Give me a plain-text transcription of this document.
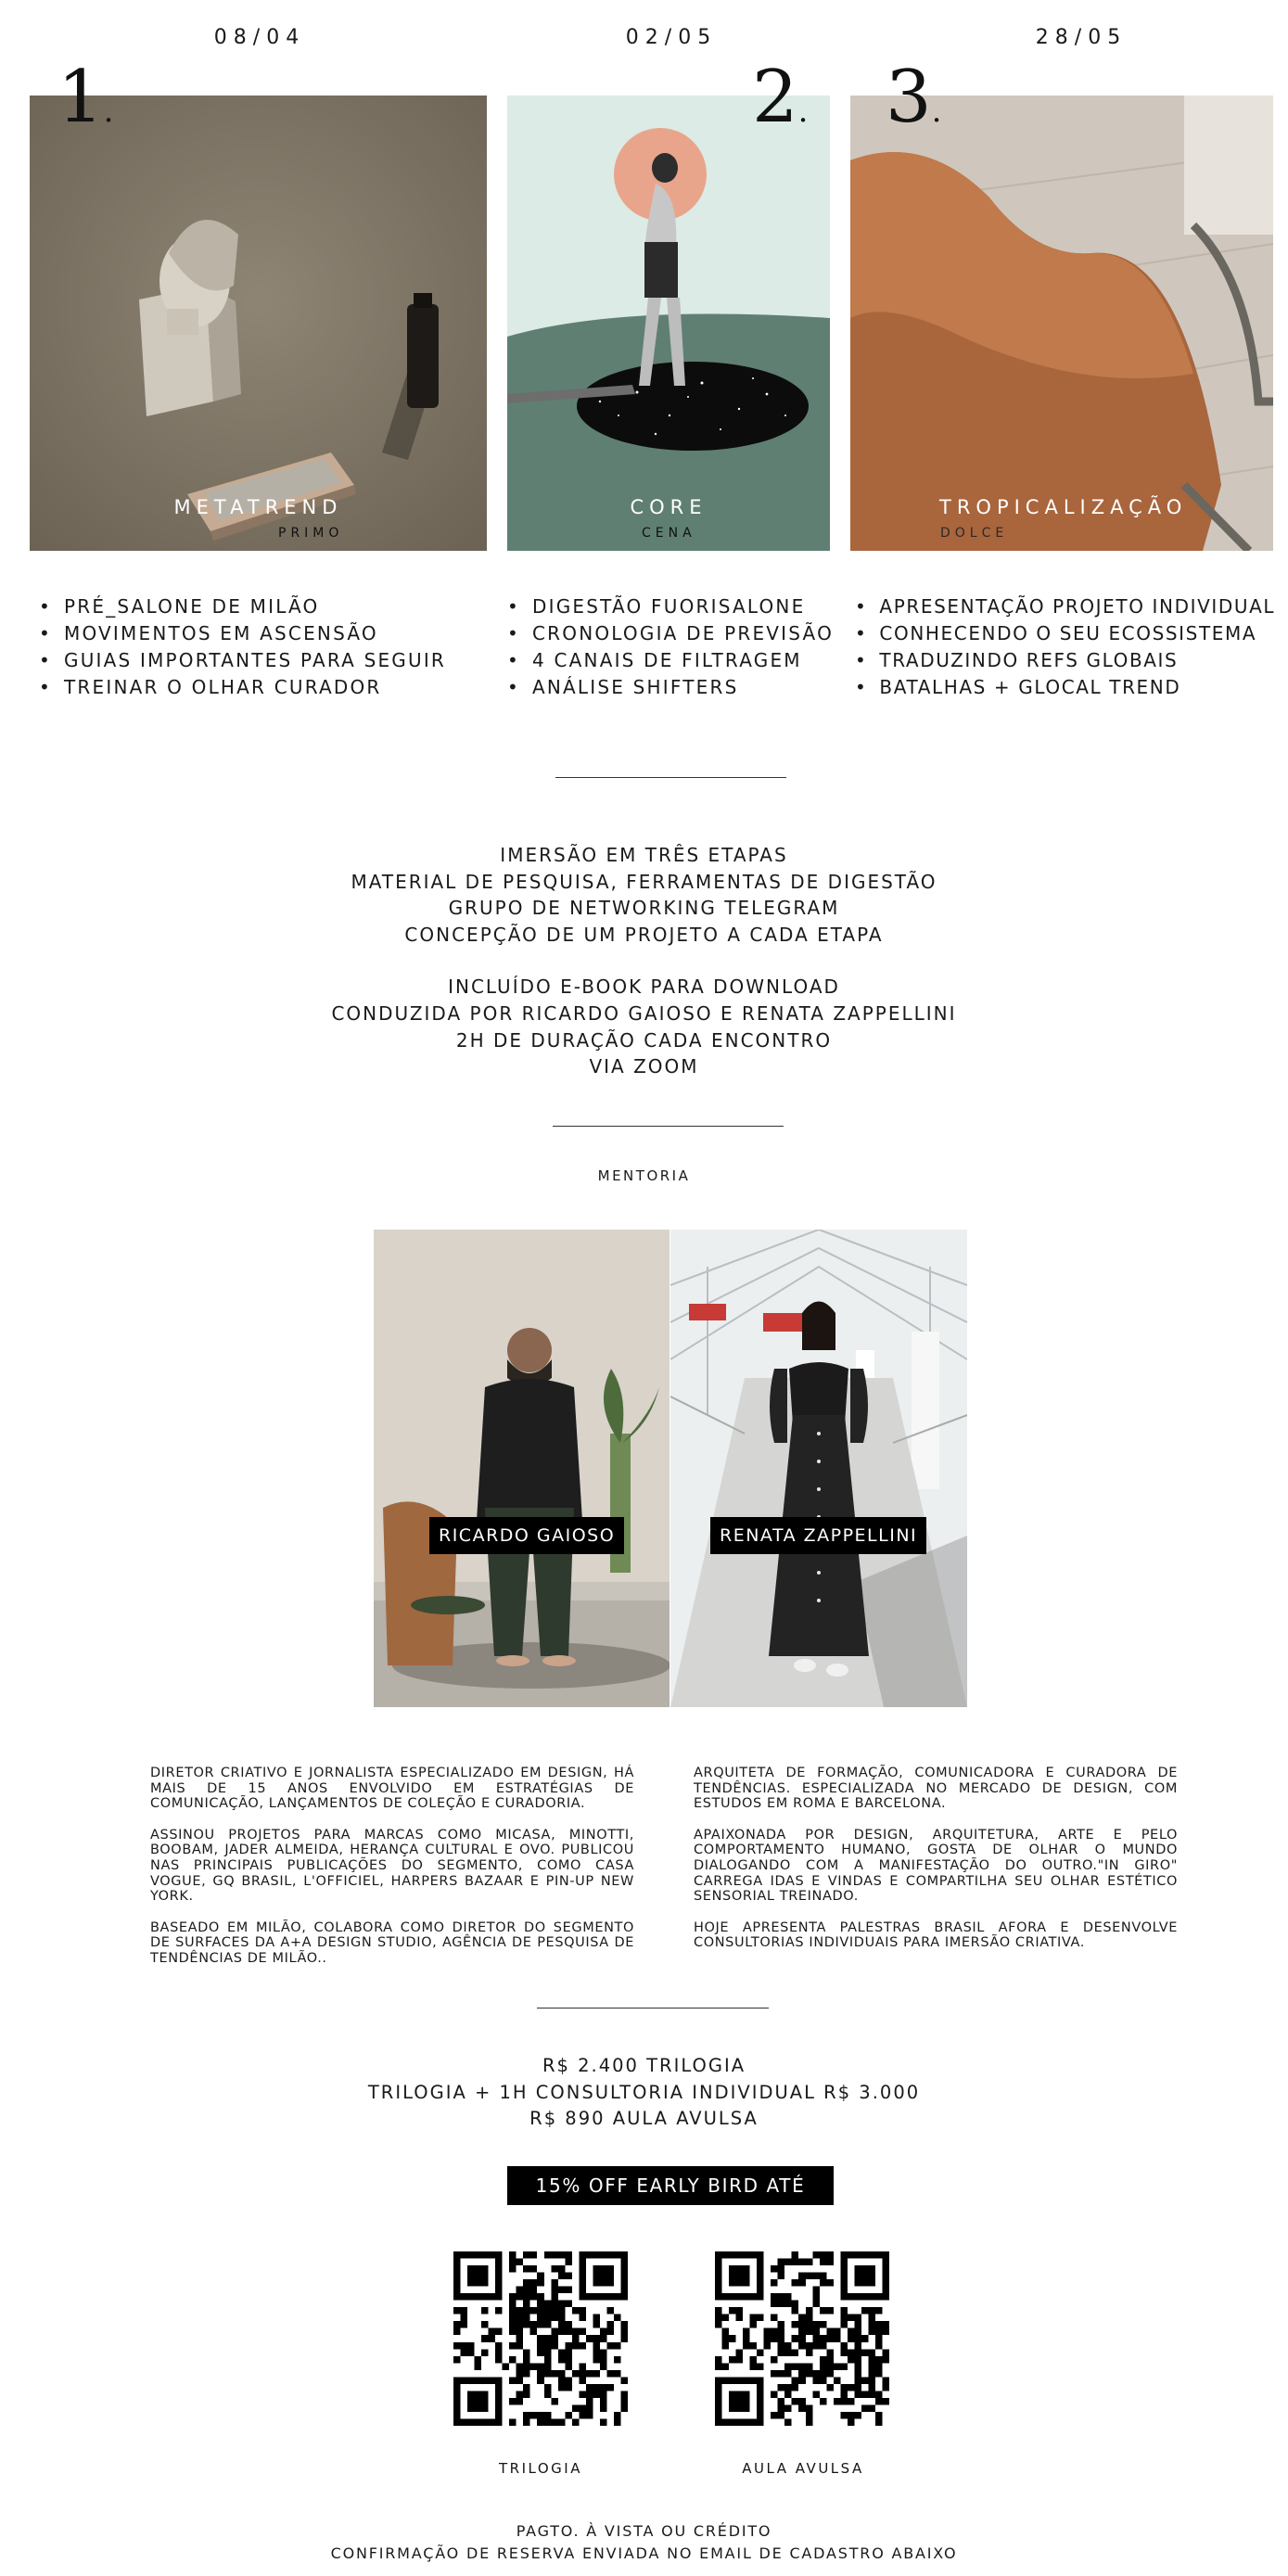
08/04	02/05	28/05
METATREND
PRIMO
CORE
CENA
TROPICALIZAÇÃO
DOLCE
1.	2. 3.
• PRÉ_SALONE DE MILÃO
• MOVIMENTOS EM ASCENSÃO
• GUIAS IMPORTANTES PARA SEGUIR
• TREINAR O OLHAR CURADOR
• DIGESTÃO FUORISALONE
• CRONOLOGIA DE PREVISÃO
• 4 CANAIS DE FILTRAGEM
• ANÁLISE SHIFTERS
• APRESENTAÇÃO PROJETO INDIVIDUAL
• CONHECENDO O SEU ECOSSISTEMA
• TRADUZINDO REFS GLOBAIS
• BATALHAS + GLOCAL TREND
IMERSÃO EM TRÊS ETAPAS
MATERIAL DE PESQUISA, FERRAMENTAS DE DIGESTÃO
GRUPO DE NETWORKING TELEGRAM
CONCEPÇÃO DE UM PROJETO A CADA ETAPA
INCLUÍDO E-BOOK PARA DOWNLOAD
CONDUZIDA POR RICARDO GAIOSO E RENATA ZAPPELLINI
2H DE DURAÇÃO CADA ENCONTRO
VIA ZOOM
MENTORIA
RICARDO GAIOSO	RENATA ZAPPELLINI

DIRETOR CRIATIVO E JORNALISTA ESPECIALIZADO EM DESIGN, HÁ MAIS DE 15 ANOS ENVOLVIDO EM ESTRATÉGIAS DE COMUNICAÇÃO, LANÇAMENTOS DE COLEÇÃO E CURADORIA.

ASSINOU PROJETOS PARA MARCAS COMO MICASA, MINOTTI, BOOBAM, JADER ALMEIDA, HERANÇA CULTURAL E OVO. PUBLICOU NAS PRINCIPAIS PUBLICAÇÕES DO SEGMENTO, COMO CASA VOGUE, GQ BRASIL, L'OFFICIEL, HARPERS BAZAAR E PIN-UP NEW YORK.

BASEADO EM MILÃO, COLABORA COMO DIRETOR DO SEGMENTO DE SURFACES DA A+A DESIGN STUDIO, AGÊNCIA DE PESQUISA DE TENDÊNCIAS DE MILÃO..

ARQUITETA DE FORMAÇÃO, COMUNICADORA E CURADORA DE TENDÊNCIAS. ESPECIALIZADA NO MERCADO DE DESIGN, COM ESTUDOS EM ROMA E BARCELONA.

APAIXONADA POR DESIGN, ARQUITETURA, ARTE E PELO COMPORTAMENTO HUMANO, GOSTA DE OLHAR O MUNDO DIALOGANDO COM A MANIFESTAÇÃO DO OUTRO."IN GIRO" CARREGA IDAS E VINDAS E COMPARTILHA SEU OLHAR ESTÉTICO SENSORIAL TREINADO.

HOJE APRESENTA PALESTRAS BRASIL AFORA E DESENVOLVE CONSULTORIAS INDIVIDUAIS PARA IMERSÃO CRIATIVA.

R$ 2.400 TRILOGIA
TRILOGIA + 1H CONSULTORIA INDIVIDUAL R$ 3.000
R$ 890 AULA AVULSA
15% OFF EARLY BIRD ATÉ 15.03
TRILOGIA	AULA AVULSA
PAGTO. À VISTA OU CRÉDITO
CONFIRMAÇÃO DE RESERVA ENVIADA NO EMAIL DE CADASTRO ABAIXO
